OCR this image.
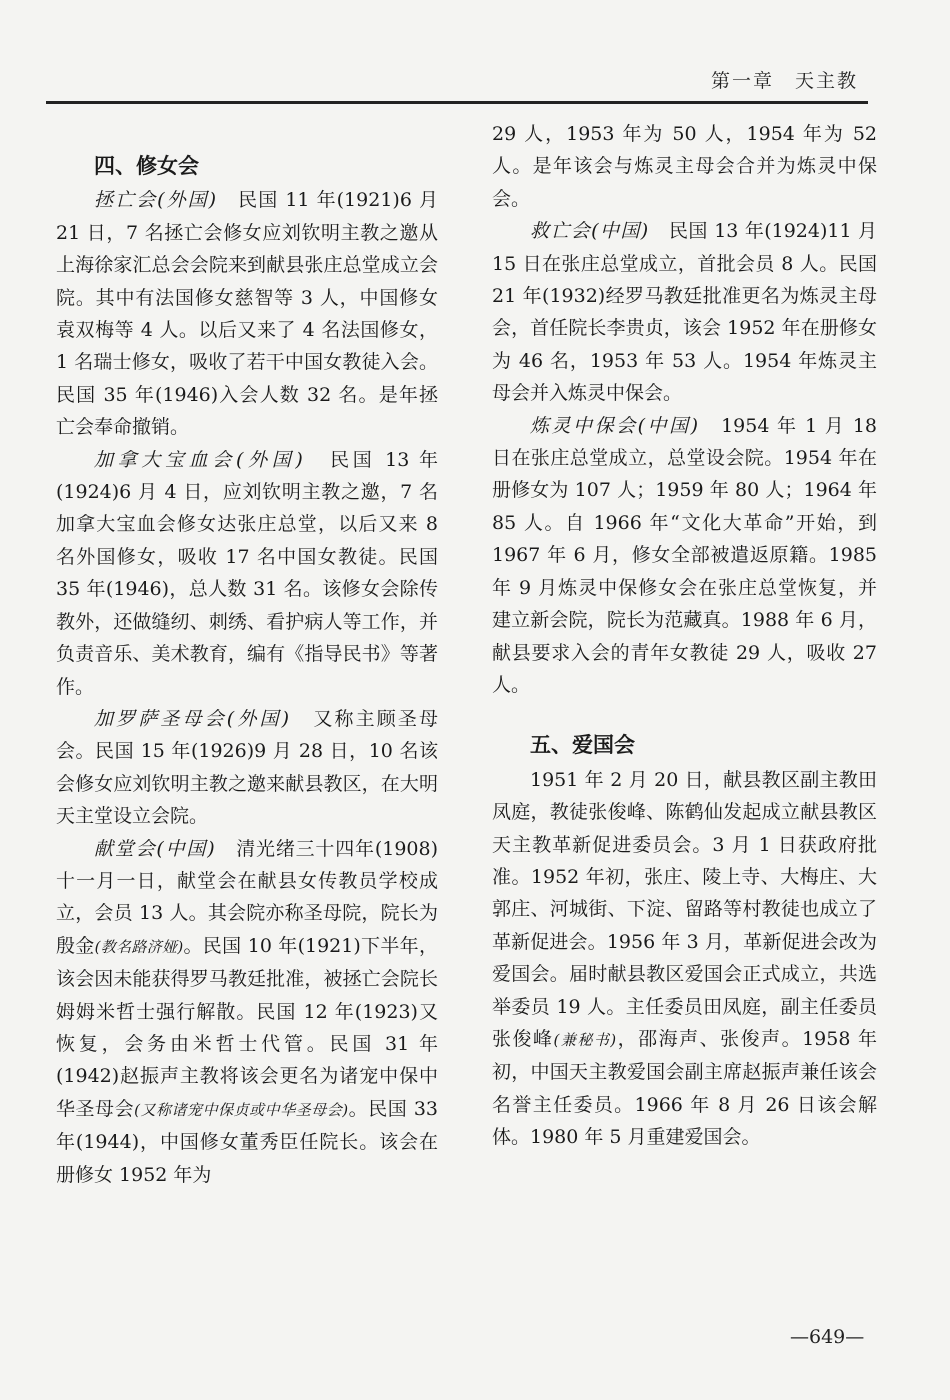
第一章　天主教
四、修女会

拯亡会(外国)　民国 11 年(1921)6 月 21 日，7 名拯亡会修女应刘钦明主教之邀从上海徐家汇总会会院来到献县张庄总堂成立会院。其中有法国修女慈智等 3 人，中国修女袁双梅等 4 人。以后又来了 4 名法国修女，1 名瑞士修女，吸收了若干中国女教徒入会。民国 35 年(1946)入会人数 32 名。是年拯亡会奉命撤销。

加拿大宝血会(外国)　民国 13 年(1924)6 月 4 日，应刘钦明主教之邀，7 名加拿大宝血会修女达张庄总堂，以后又来 8 名外国修女，吸收 17 名中国女教徒。民国 35 年(1946)，总人数 31 名。该修女会除传教外，还做缝纫、刺绣、看护病人等工作，并负责音乐、美术教育，编有《指导民书》等著作。

加罗萨圣母会(外国)　又称主顾圣母会。民国 15 年(1926)9 月 28 日，10 名该会修女应刘钦明主教之邀来献县教区，在大明天主堂设立会院。

献堂会(中国)　清光绪三十四年(1908)十一月一日，献堂会在献县女传教员学校成立，会员 13 人。其会院亦称圣母院，院长为殷金(教名路济娅)。民国 10 年(1921)下半年，该会因未能获得罗马教廷批准，被拯亡会院长姆姆米哲士强行解散。民国 12 年(1923)又恢复，会务由米哲士代管。民国 31 年(1942)赵振声主教将该会更名为诸宠中保中华圣母会(又称诸宠中保贞或中华圣母会)。民国 33 年(1944)，中国修女董秀臣任院长。该会在册修女 1952 年为

29 人，1953 年为 50 人，1954 年为 52 人。是年该会与炼灵主母会合并为炼灵中保会。

救亡会(中国)　民国 13 年(1924)11 月 15 日在张庄总堂成立，首批会员 8 人。民国 21 年(1932)经罗马教廷批准更名为炼灵主母会，首任院长李贵贞，该会 1952 年在册修女为 46 名，1953 年 53 人。1954 年炼灵主母会并入炼灵中保会。

炼灵中保会(中国)　1954 年 1 月 18 日在张庄总堂成立，总堂设会院。1954 年在册修女为 107 人；1959 年 80 人；1964 年 85 人。自 1966 年“文化大革命”开始，到 1967 年 6 月，修女全部被遣返原籍。1985 年 9 月炼灵中保修女会在张庄总堂恢复，并建立新会院，院长为范藏真。1988 年 6 月，献县要求入会的青年女教徒 29 人，吸收 27 人。

五、爱国会

1951 年 2 月 20 日，献县教区副主教田凤庭，教徒张俊峰、陈鹤仙发起成立献县教区天主教革新促进委员会。3 月 1 日获政府批准。1952 年初，张庄、陵上寺、大梅庄、大郭庄、河城街、下淀、留路等村教徒也成立了革新促进会。1956 年 3 月，革新促进会改为爱国会。届时献县教区爱国会正式成立，共选举委员 19 人。主任委员田凤庭，副主任委员张俊峰(兼秘书)，邵海声、张俊声。1958 年初，中国天主教爱国会副主席赵振声兼任该会名誉主任委员。1966 年 8 月 26 日该会解体。1980 年 5 月重建爱国会。

—649—
